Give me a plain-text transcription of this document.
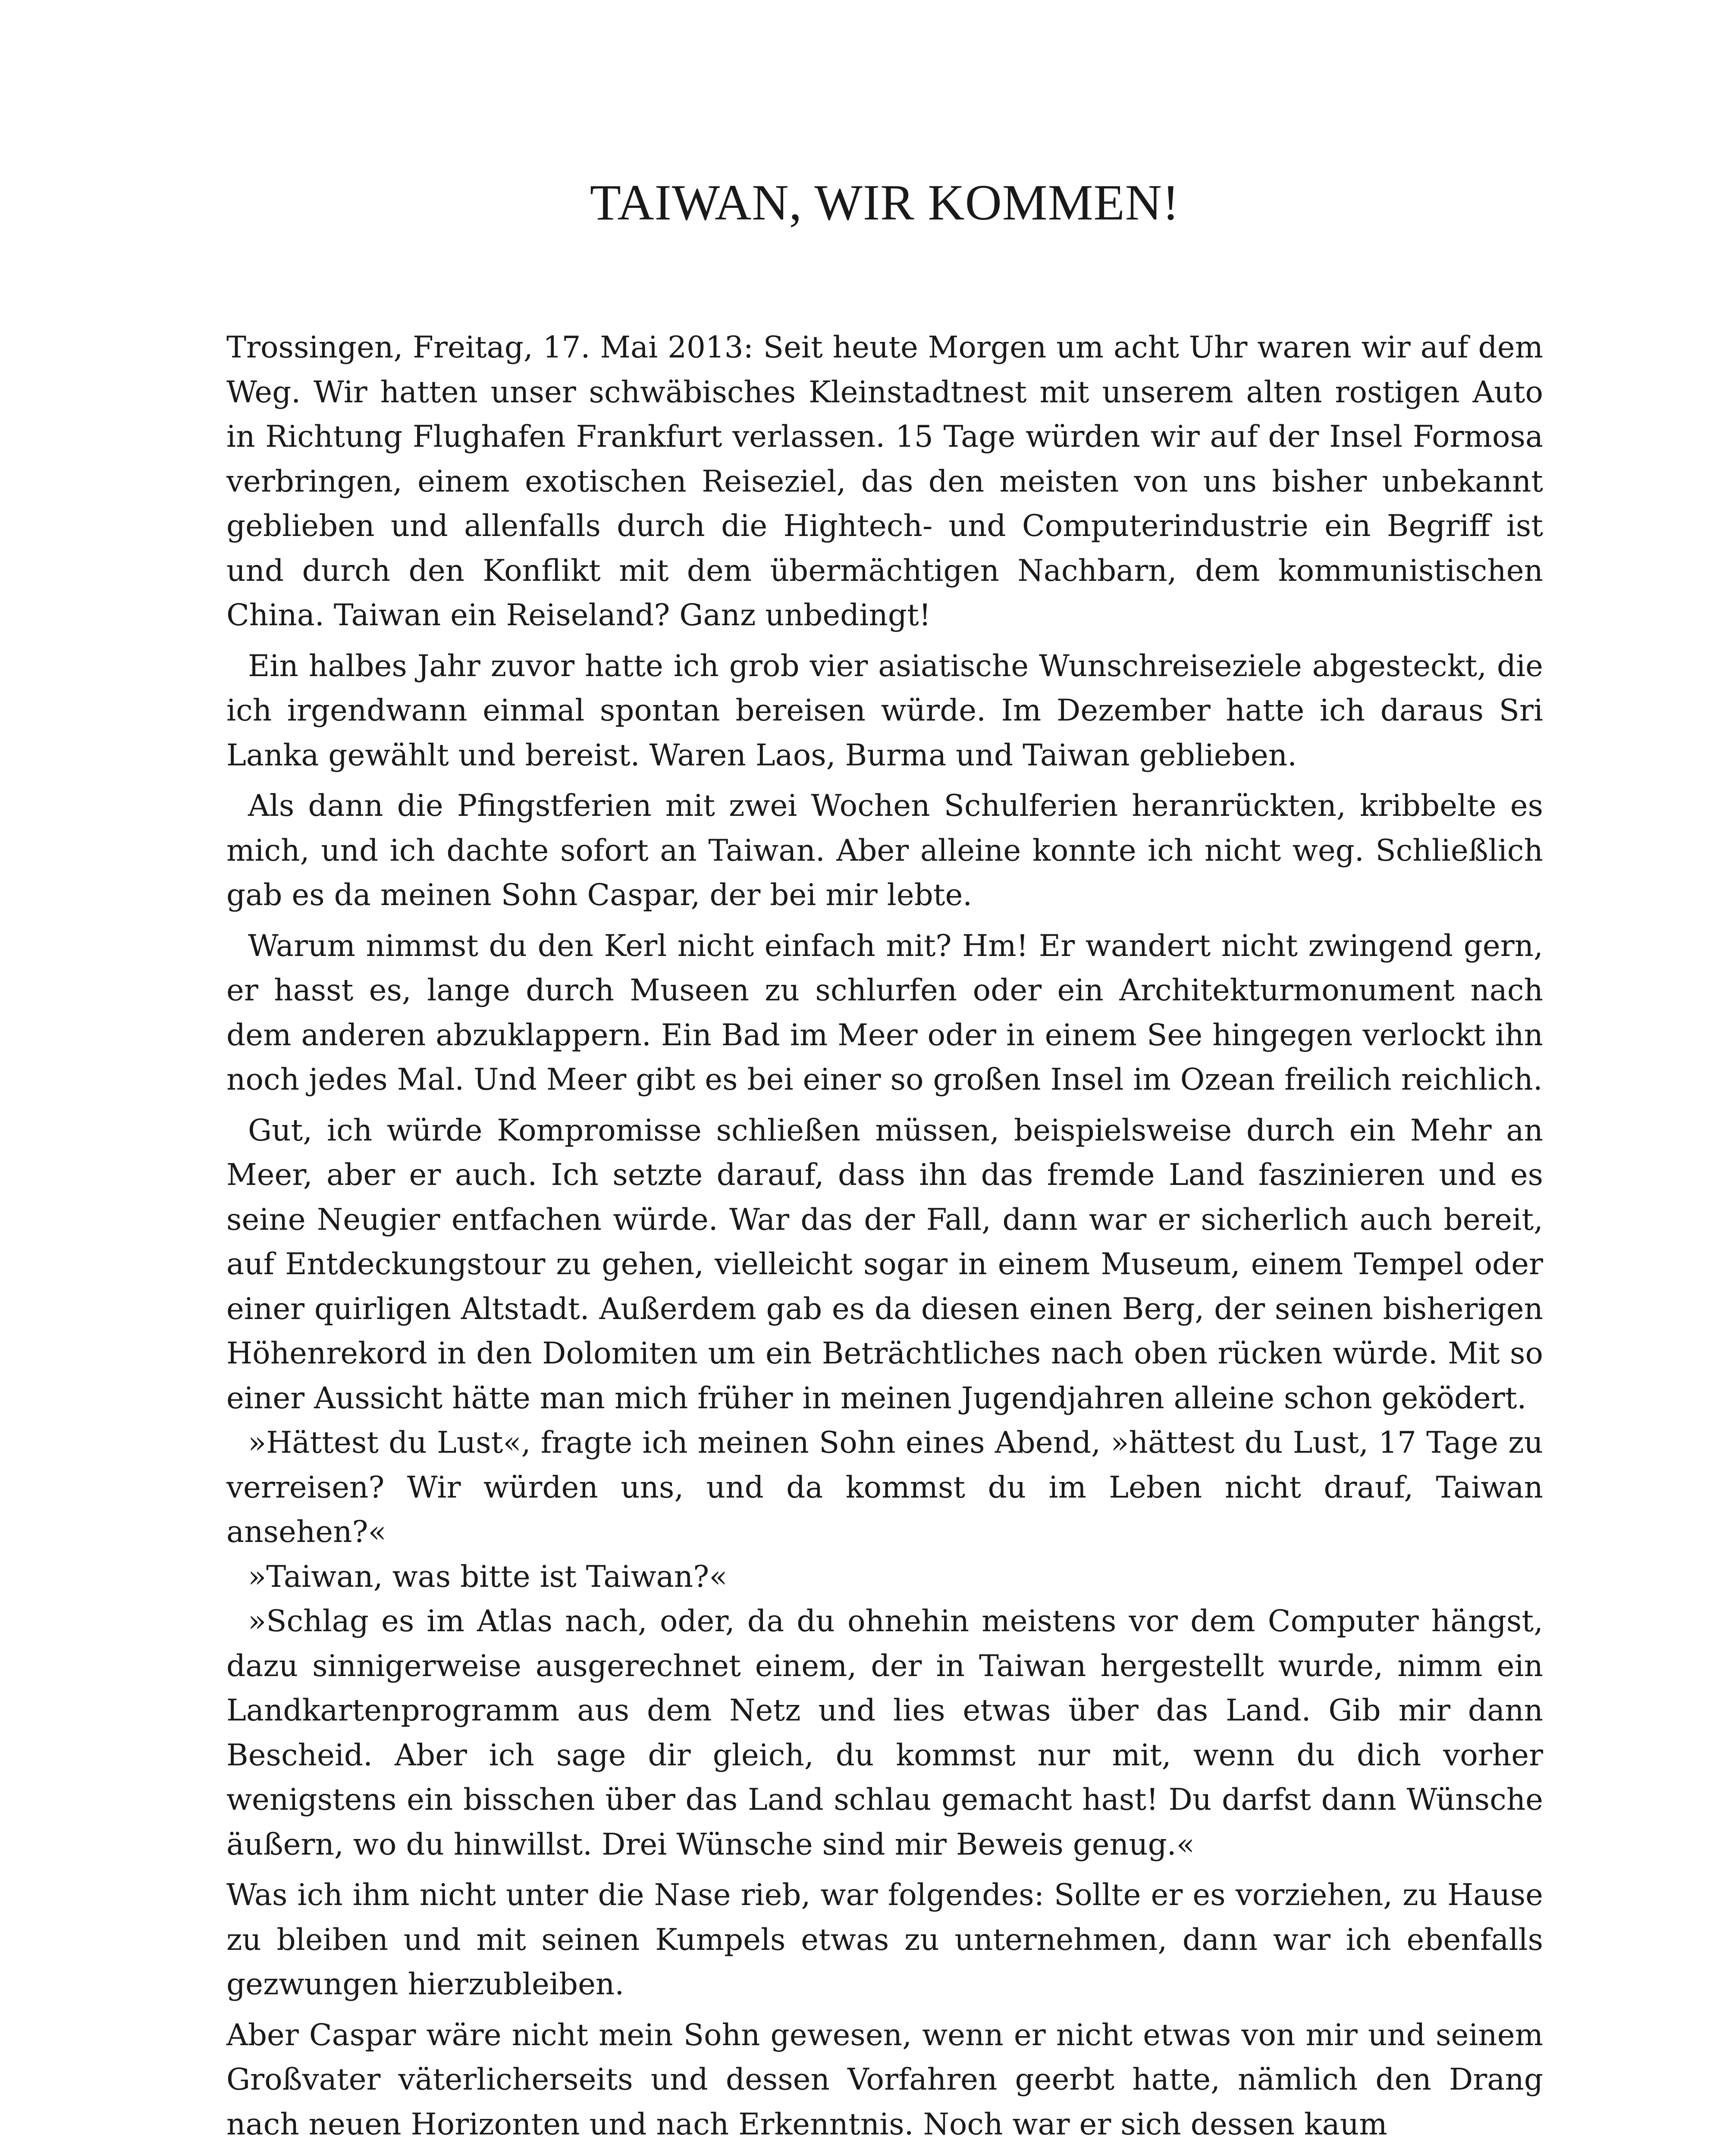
TAIWAN, WIR KOMMEN!

Trossingen, Freitag, 17. Mai 2013: Seit heute Morgen um acht Uhr waren wir auf dem Weg. Wir hatten unser schwäbisches Kleinstadtnest mit unserem alten rostigen Auto in Richtung Flughafen Frankfurt verlassen. 15 Tage würden wir auf der Insel Formosa verbringen, einem exotischen Reiseziel, das den meisten von uns bisher unbekannt geblieben und allenfalls durch die Hightech- und Computerindustrie ein Begriff ist und durch den Konflikt mit dem übermächtigen Nachbarn, dem kommunistischen China. Taiwan ein Reiseland? Ganz unbedingt!

Ein halbes Jahr zuvor hatte ich grob vier asiatische Wunschreiseziele abgesteckt, die ich irgendwann einmal spontan bereisen würde. Im Dezember hatte ich daraus Sri Lanka gewählt und bereist. Waren Laos, Burma und Taiwan geblieben.

Als dann die Pfingstferien mit zwei Wochen Schulferien heranrückten, kribbelte es mich, und ich dachte sofort an Taiwan. Aber alleine konnte ich nicht weg. Schließlich gab es da meinen Sohn Caspar, der bei mir lebte.

Warum nimmst du den Kerl nicht einfach mit? Hm! Er wandert nicht zwingend gern, er hasst es, lange durch Museen zu schlurfen oder ein Architekturmonument nach dem anderen abzuklappern. Ein Bad im Meer oder in einem See hingegen verlockt ihn noch jedes Mal. Und Meer gibt es bei einer so großen Insel im Ozean freilich reichlich.

Gut, ich würde Kompromisse schließen müssen, beispielsweise durch ein Mehr an Meer, aber er auch. Ich setzte darauf, dass ihn das fremde Land faszinieren und es seine Neugier entfachen würde. War das der Fall, dann war er sicherlich auch bereit, auf Entdeckungstour zu gehen, vielleicht sogar in einem Museum, einem Tempel oder einer quirligen Altstadt. Außerdem gab es da diesen einen Berg, der seinen bisherigen Höhenrekord in den Dolomiten um ein Beträchtliches nach oben rücken würde. Mit so einer Aussicht hätte man mich früher in meinen Jugendjahren alleine schon geködert.

»Hättest du Lust«, fragte ich meinen Sohn eines Abend, »hättest du Lust, 17 Tage zu verreisen? Wir würden uns, und da kommst du im Leben nicht drauf, Taiwan ansehen?«

»Taiwan, was bitte ist Taiwan?«

»Schlag es im Atlas nach, oder, da du ohnehin meistens vor dem Computer hängst, dazu sinnigerweise ausgerechnet einem, der in Taiwan hergestellt wurde, nimm ein Landkartenprogramm aus dem Netz und lies etwas über das Land. Gib mir dann Bescheid. Aber ich sage dir gleich, du kommst nur mit, wenn du dich vorher wenigstens ein bisschen über das Land schlau gemacht hast! Du darfst dann Wünsche äußern, wo du hinwillst. Drei Wünsche sind mir Beweis genug.«

Was ich ihm nicht unter die Nase rieb, war folgendes: Sollte er es vorziehen, zu Hause zu bleiben und mit seinen Kumpels etwas zu unternehmen, dann war ich ebenfalls gezwungen hierzubleiben.

Aber Caspar wäre nicht mein Sohn gewesen, wenn er nicht etwas von mir und seinem Großvater väterlicherseits und dessen Vorfahren geerbt hatte, nämlich den Drang nach neuen Horizonten und nach Erkenntnis. Noch war er sich dessen kaum
